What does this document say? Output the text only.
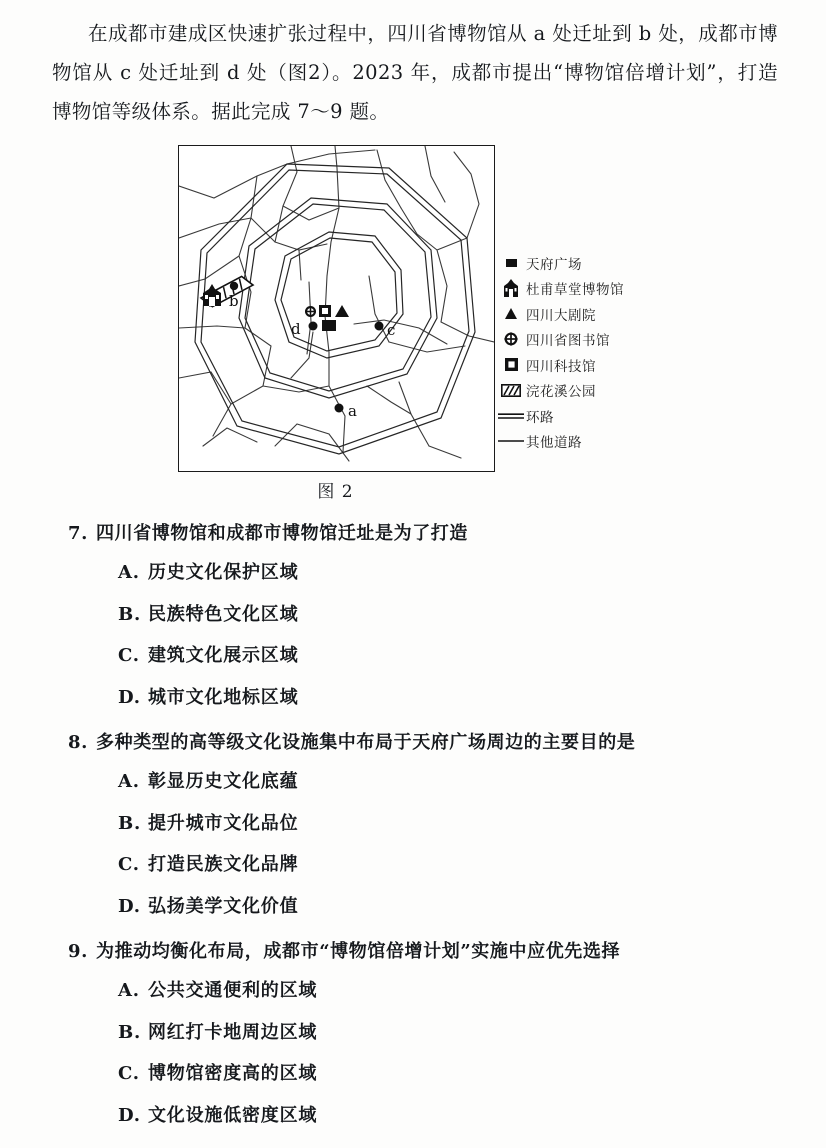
在成都市建成区快速扩张过程中，四川省博物馆从 a 处迁址到 b 处，成都市博物馆从 c 处迁址到 d 处（图2）。2023 年，成都市提出“博物馆倍增计划”，打造博物馆等级体系。据此完成 7～9 题。
b
d	c
a
天府广场
杜甫草堂博物馆
四川大剧院
四川省图书馆
四川科技馆
浣花溪公园
环路
其他道路
图 2
7. 四川省博物馆和成都市博物馆迁址是为了打造
A. 历史文化保护区域
B. 民族特色文化区域
C. 建筑文化展示区域
D. 城市文化地标区域
8. 多种类型的高等级文化设施集中布局于天府广场周边的主要目的是
A. 彰显历史文化底蕴
B. 提升城市文化品位
C. 打造民族文化品牌
D. 弘扬美学文化价值
9. 为推动均衡化布局，成都市“博物馆倍增计划”实施中应优先选择
A. 公共交通便利的区域
B. 网红打卡地周边区域
C. 博物馆密度高的区域
D. 文化设施低密度区域
